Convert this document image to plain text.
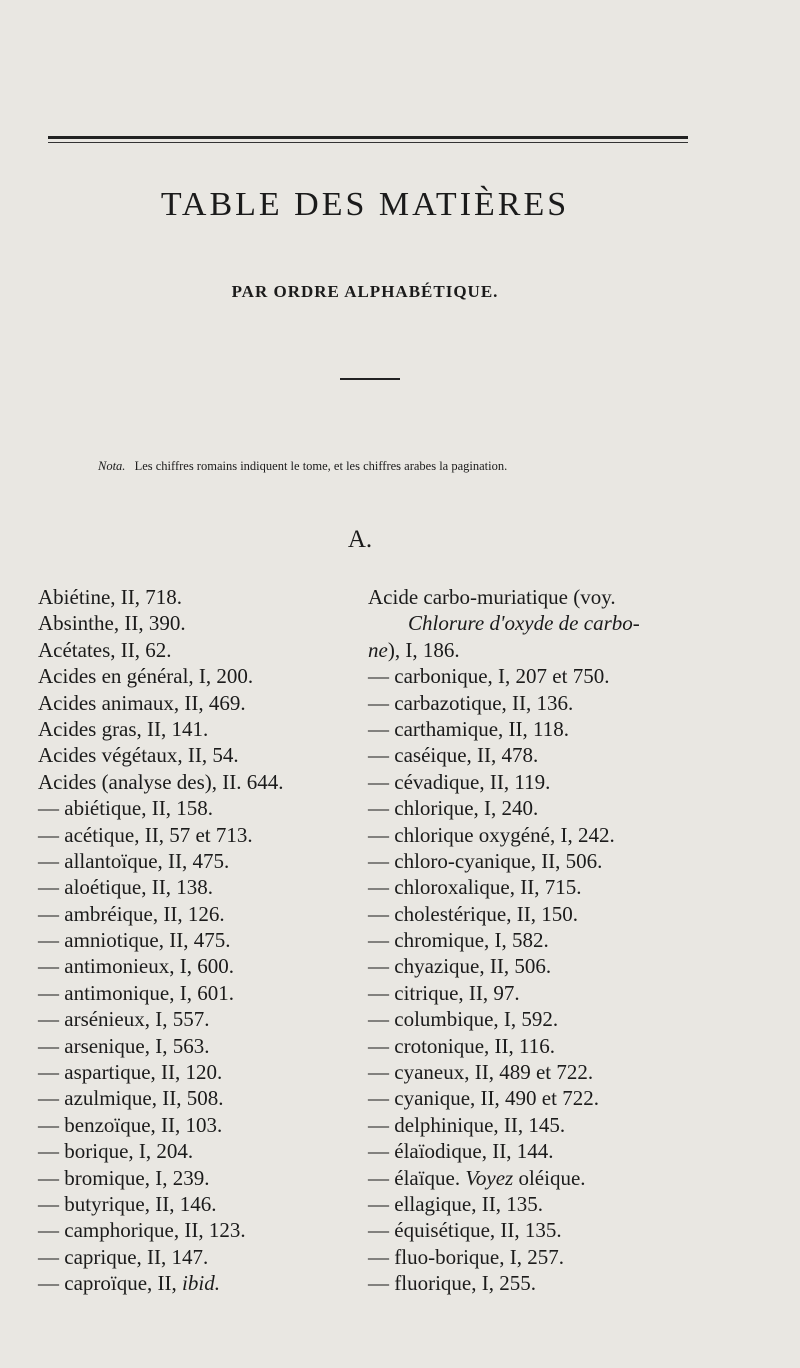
TABLE DES MATIÈRES
PAR ORDRE ALPHABÉTIQUE.
Nota. Les chiffres romains indiquent le tome, et les chiffres arabes la pagination.
A.
Abiétine, II, 718.
Absinthe, II, 390.
Acétates, II, 62.
Acides en général, I, 200.
Acides animaux, II, 469.
Acides gras, II, 141.
Acides végétaux, II, 54.
Acides (analyse des), II. 644.
— abiétique, II, 158.
— acétique, II, 57 et 713.
— allantoïque, II, 475.
— aloétique, II, 138.
— ambréique, II, 126.
— amniotique, II, 475.
— antimonieux, I, 600.
— antimonique, I, 601.
— arsénieux, I, 557.
— arsenique, I, 563.
— aspartique, II, 120.
— azulmique, II, 508.
— benzoïque, II, 103.
— borique, I, 204.
— bromique, I, 239.
— butyrique, II, 146.
— camphorique, II, 123.
— caprique, II, 147.
— caproïque, II, ibid.
Acide carbo-muriatique (voy.
Chlorure d'oxyde de carbo-
ne), I, 186.
— carbonique, I, 207 et 750.
— carbazotique, II, 136.
— carthamique, II, 118.
— caséique, II, 478.
— cévadique, II, 119.
— chlorique, I, 240.
— chlorique oxygéné, I, 242.
— chloro-cyanique, II, 506.
— chloroxalique, II, 715.
— cholestérique, II, 150.
— chromique, I, 582.
— chyazique, II, 506.
— citrique, II, 97.
— columbique, I, 592.
— crotonique, II, 116.
— cyaneux, II, 489 et 722.
— cyanique, II, 490 et 722.
— delphinique, II, 145.
— élaïodique, II, 144.
— élaïque. Voyez oléique.
— ellagique, II, 135.
— équisétique, II, 135.
— fluo-borique, I, 257.
— fluorique, I, 255.
